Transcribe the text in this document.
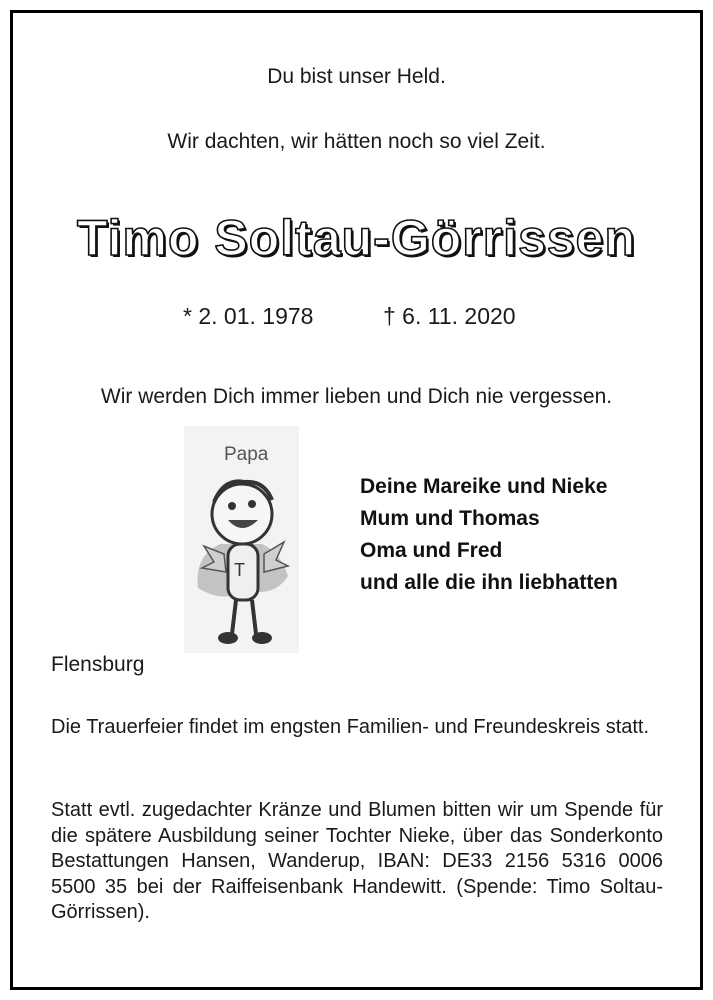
Du bist unser Held.
Wir dachten, wir hätten noch so viel Zeit.
Timo Soltau-Görrissen
* 2. 01. 1978	† 6. 11. 2020
Wir werden Dich immer lieben und Dich nie vergessen.
Papa
T
Deine Mareike und Nieke
Mum und Thomas
Oma und Fred
und alle die ihn liebhatten
Flensburg
Die Trauerfeier findet im engsten Familien- und Freundeskreis statt.
Statt evtl. zugedachter Kränze und Blumen bitten wir um Spende für die spätere Ausbildung seiner Tochter Nieke, über das Sonderkonto Bestattungen Hansen, Wanderup, IBAN: DE33 2156 5316 0006 5500 35 bei der Raiffeisenbank Handewitt. (Spende: Timo Soltau-Görrissen).
